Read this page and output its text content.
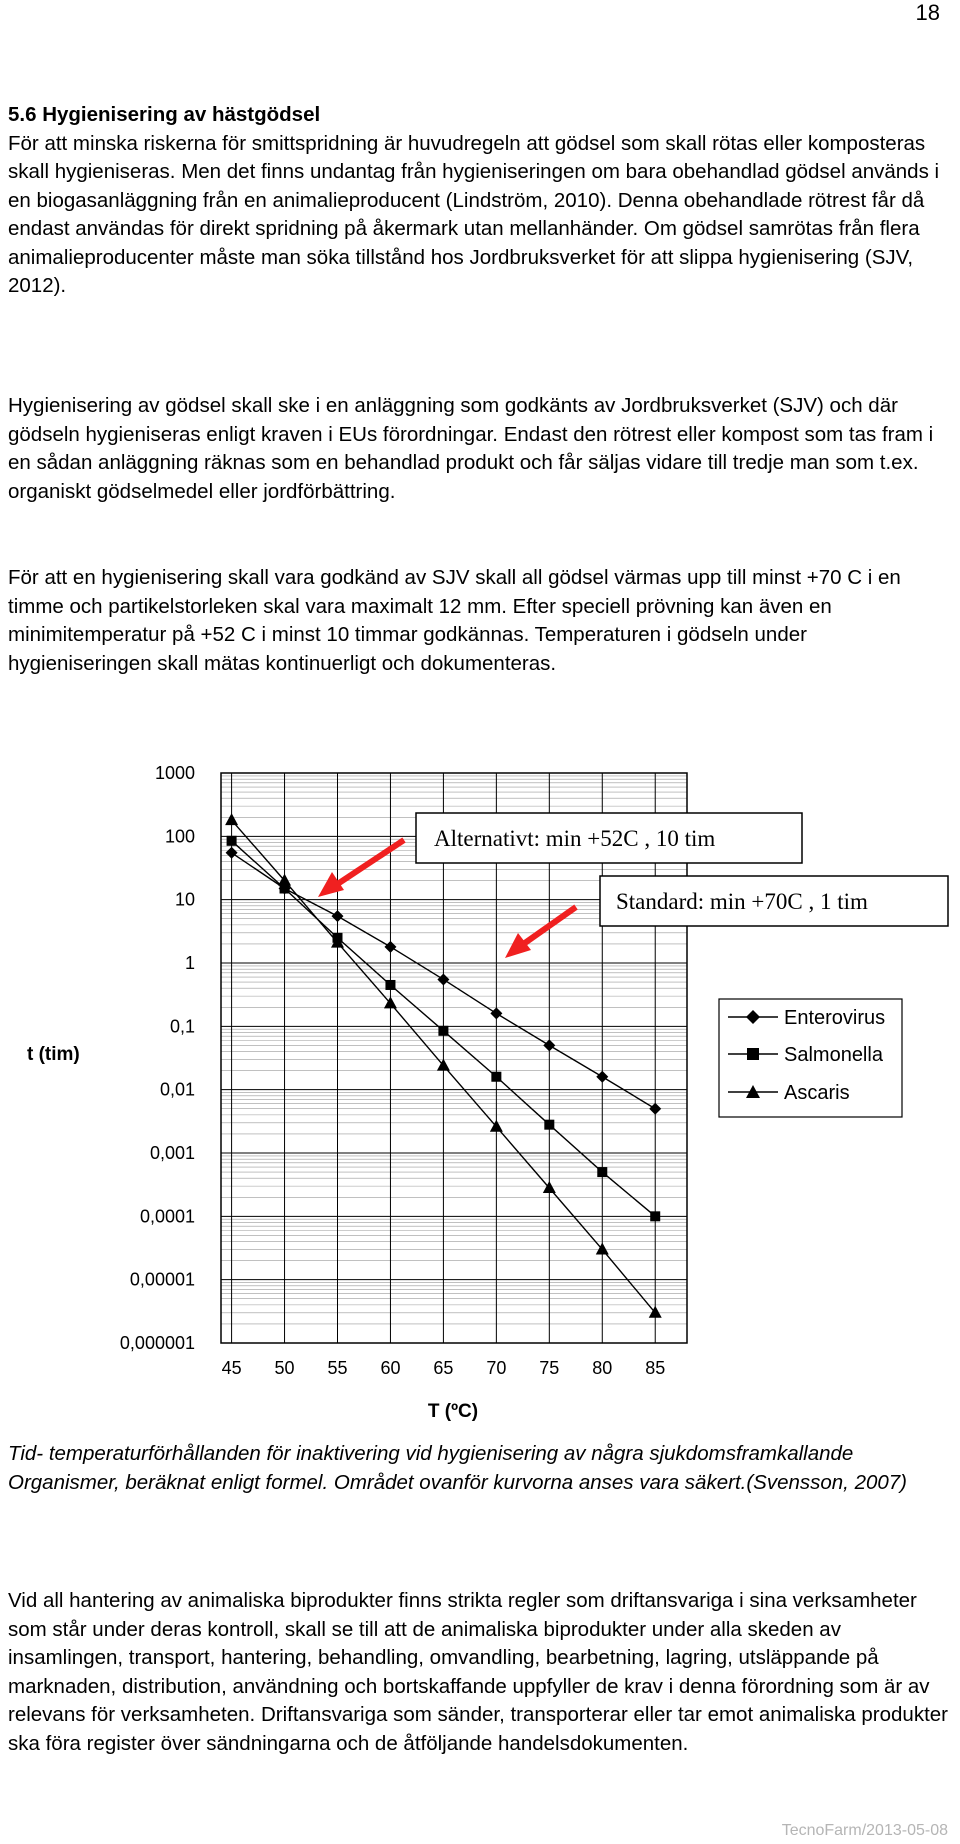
18

5.6 Hygienisering av hästgödsel

För att minska riskerna för smittspridning är huvudregeln att gödsel som skall rötas eller komposteras skall hygieniseras. Men det finns undantag från hygieniseringen om bara obehandlad gödsel används i en biogasanläggning från en animalieproducent (Lindström, 2010). Denna obehandlade rötrest får då endast användas för direkt spridning på åkermark utan mellanhänder. Om gödsel samrötas från flera animalieproducenter måste man söka tillstånd hos Jordbruksverket för att slippa hygienisering (SJV, 2012).

Hygienisering av gödsel skall ske i en anläggning som godkänts av Jordbruksverket (SJV) och där gödseln hygieniseras enligt kraven i EUs förordningar. Endast den rötrest eller kompost som tas fram i en sådan anläggning räknas som en behandlad produkt och får säljas vidare till tredje man som t.ex. organiskt gödselmedel eller jordförbättring.

För att en hygienisering skall vara godkänd av SJV skall all gödsel värmas upp till minst +70 C i en timme och partikelstorleken skal vara maximalt 12 mm. Efter speciell prövning kan även en minimitemperatur på +52 C i minst 10 timmar godkännas. Temperaturen i gödseln under hygieniseringen skall mätas kontinuerligt och dokumenteras.

1000
100
10
1
0,1
0,01
0,001
0,0001
0,00001
0,000001
45 50 55 60 65 70 75 80 85
t (tim)
T (ºC)
Enterovirus
Salmonella
Ascaris
Alternativt: min +52C , 10 tim
Standard: min +70C , 1 tim

Tid- temperaturförhållanden för inaktivering vid hygienisering av några sjukdomsframkallande Organismer, beräknat enligt formel. Området ovanför kurvorna anses vara säkert.(Svensson, 2007)

Vid all hantering av animaliska biprodukter finns strikta regler som driftansvariga i sina verksamheter som står under deras kontroll, skall se till att de animaliska biprodukter under alla skeden av insamlingen, transport, hantering, behandling, omvandling, bearbetning, lagring, utsläppande på marknaden, distribution, användning och bortskaffande uppfyller de krav i denna förordning som är av relevans för verksamheten. Driftansvariga som sänder, transporterar eller tar emot animaliska produkter ska föra register över sändningarna och de åtföljande handelsdokumenten.

TecnoFarm/2013-05-08
